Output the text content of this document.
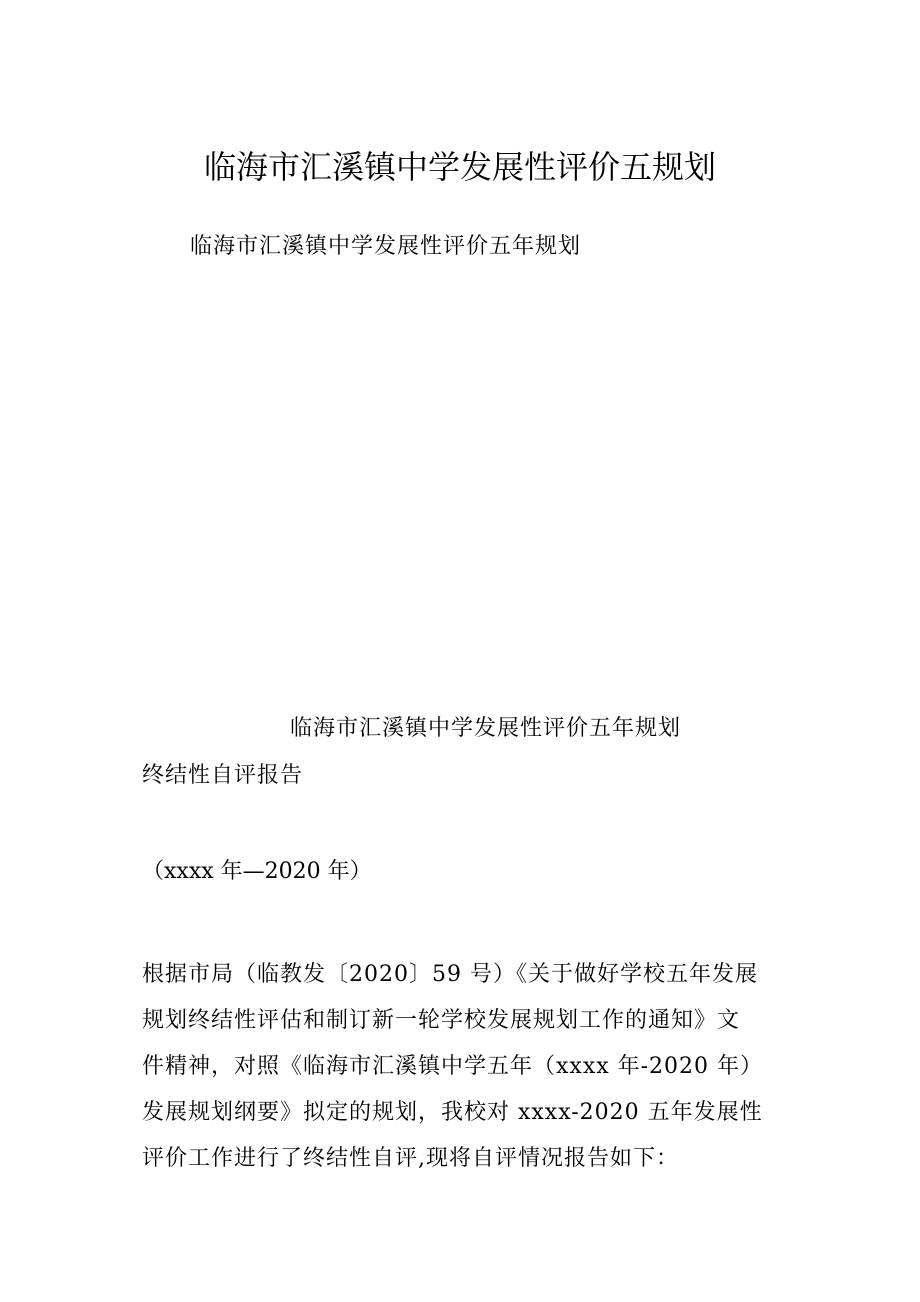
临海市汇溪镇中学发展性评价五规划
临海市汇溪镇中学发展性评价五年规划
临海市汇溪镇中学发展性评价五年规划
终结性自评报告
（xxxx 年—2020 年）
根据市局（临教发〔2020〕59 号）《关于做好学校五年发展
规划终结性评估和制订新一轮学校发展规划工作的通知》文
件精神，对照《临海市汇溪镇中学五年（xxxx 年-2020 年）
发展规划纲要》拟定的规划，我校对 xxxx-2020 五年发展性
评价工作进行了终结性自评,现将自评情况报告如下：
